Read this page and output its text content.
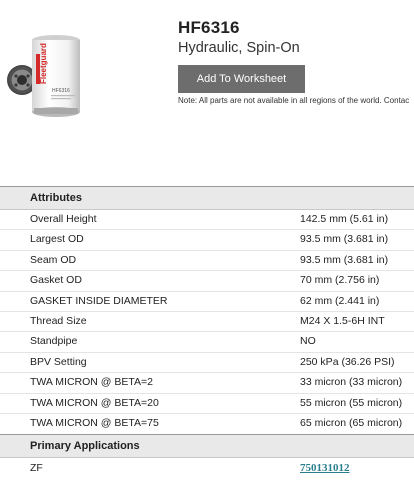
Fleetguard
HF6316
HF6316

Hydraulic, Spin-On

Add To Worksheet
Note: All parts are not available in all regions of the world. Contac
Attributes
Overall Height	142.5 mm (5.61 in)
Largest OD	93.5 mm (3.681 in)
Seam OD	93.5 mm (3.681 in)
Gasket OD	70 mm (2.756 in)
GASKET INSIDE DIAMETER	62 mm (2.441 in)
Thread Size	M24 X 1.5-6H INT
Standpipe	NO
BPV Setting	250 kPa (36.26 PSI)
TWA MICRON @ BETA=2	33 micron (33 micron)
TWA MICRON @ BETA=20	55 micron (55 micron)
TWA MICRON @ BETA=75	65 micron (65 micron)
Primary Applications
ZF	750131012
